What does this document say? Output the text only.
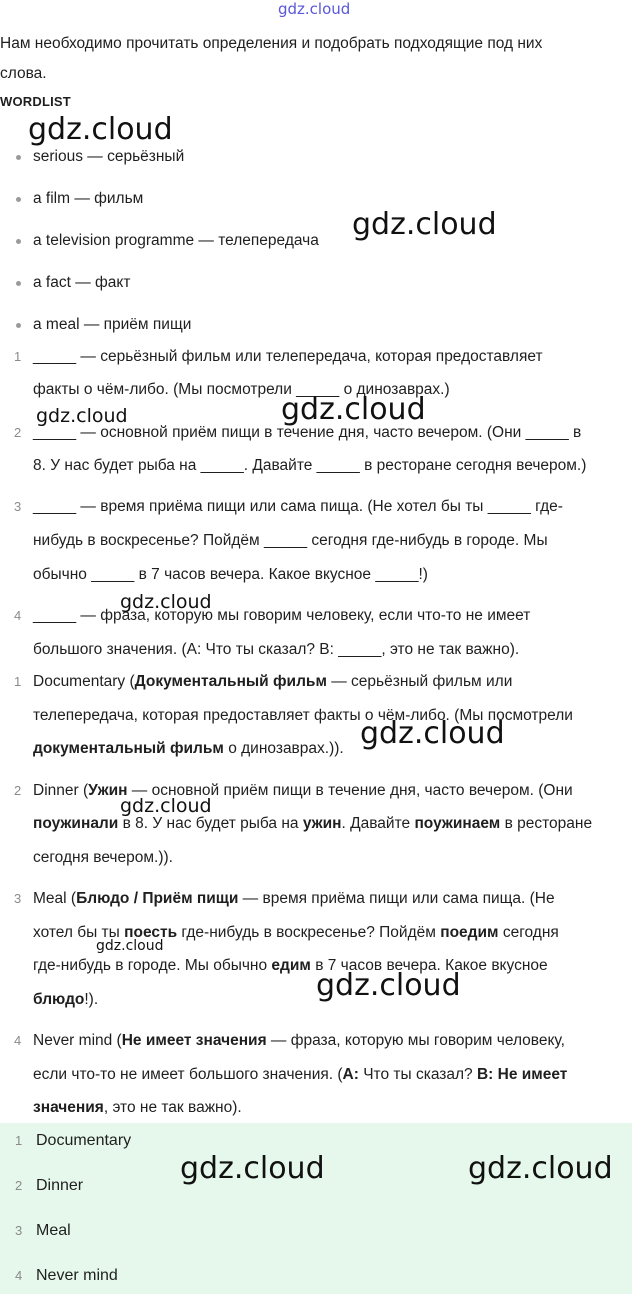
gdz.cloud
Нам необходимо прочитать определения и подобрать подходящие под них
слова.
WORDLIST
serious — серьёзный
a film — фильм
a television programme — телепередача
a fact — факт
a meal — приём пищи
1 _____ — серьёзный фильм или телепередача, которая предоставляет
факты о чём-либо. (Мы посмотрели _____ о динозаврах.)
2 _____ — основной приём пищи в течение дня, часто вечером. (Они _____ в
8. У нас будет рыба на _____. Давайте _____ в ресторане сегодня вечером.)
3 _____ — время приёма пищи или сама пища. (Не хотел бы ты _____ где-
нибудь в воскресенье? Пойдём _____ сегодня где-нибудь в городе. Мы
обычно _____ в 7 часов вечера. Какое вкусное _____!)
4 _____ — фраза, которую мы говорим человеку, если что-то не имеет
большого значения. (A: Что ты сказал? B: _____, это не так важно).
1 Documentary (Документальный фильм — серьёзный фильм или
телепередача, которая предоставляет факты о чём-либо. (Мы посмотрели
документальный фильм о динозаврах.)).
2 Dinner (Ужин — основной приём пищи в течение дня, часто вечером. (Они
поужинали в 8. У нас будет рыба на ужин. Давайте поужинаем в ресторане
сегодня вечером.)).
3 Meal (Блюдо / Приём пищи — время приёма пищи или сама пища. (Не
хотел бы ты поесть где-нибудь в воскресенье? Пойдём поедим сегодня
где-нибудь в городе. Мы обычно едим в 7 часов вечера. Какое вкусное
блюдо!).
4 Never mind (Не имеет значения — фраза, которую мы говорим человеку,
если что-то не имеет большого значения. (A: Что ты сказал? B: Не имеет
значения, это не так важно).
1 Documentary
2 Dinner
3 Meal
4 Never mind
gdz.cloud
gdz.cloud
gdz.cloud	gdz.cloud
gdz.cloud
gdz.cloud
gdz.cloud
gdz.cloud
gdz.cloud
gdz.cloud	gdz.cloud
